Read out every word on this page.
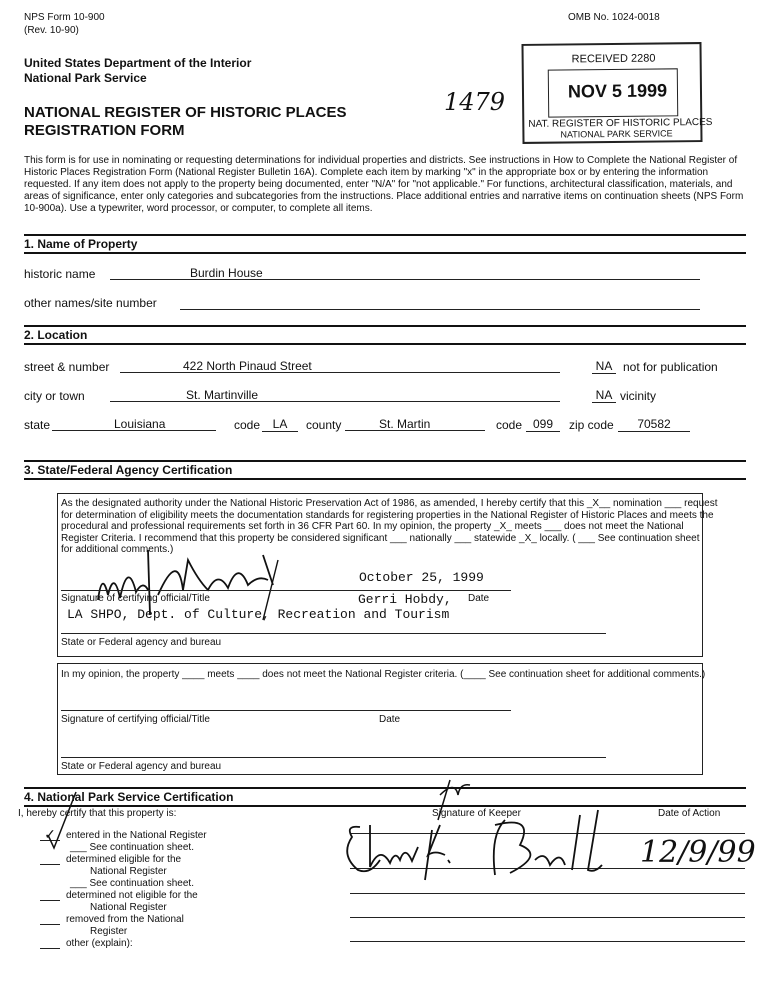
NPS Form 10-900
(Rev. 10-90)
OMB No. 1024-0018
United States Department of the Interior
National Park Service
NATIONAL REGISTER OF HISTORIC PLACES
REGISTRATION FORM
1479
RECEIVED 2280
NOV 5 1999
NAT. REGISTER OF HISTORIC PLACES
NATIONAL PARK SERVICE
This form is for use in nominating or requesting determinations for individual properties and districts. See instructions in How to Complete the National Register of Historic Places Registration Form (National Register Bulletin 16A). Complete each item by marking "x" in the appropriate box or by entering the information requested. If any item does not apply to the property being documented, enter "N/A" for "not applicable." For functions, architectural classification, materials, and areas of significance, enter only categories and subcategories from the instructions. Place additional entries and narrative items on continuation sheets (NPS Form 10-900a). Use a typewriter, word processor, or computer, to complete all items.
1. Name of Property
historic name	Burdin House
other names/site number
2. Location
street & number	422 North Pinaud Street	NA not for publication
city or town	St. Martinville	NA vicinity
state	Louisiana	code	LA	county	St. Martin	code 099	zip code	70582
3. State/Federal Agency Certification
As the designated authority under the National Historic Preservation Act of 1986, as amended, I hereby certify that this _X__ nomination ___ request
for determination of eligibility meets the documentation standards for registering properties in the National Register of Historic Places and meets the
procedural and professional requirements set forth in 36 CFR Part 60. In my opinion, the property _X_ meets ___ does not meet the National
Register Criteria. I recommend that this property be considered significant ___ nationally ___ statewide _X_ locally. ( ___ See continuation sheet
for additional comments.)
October 25, 1999
Signature of certifying official/Title	Date
Gerri Hobdy,
LA SHPO, Dept. of Culture, Recreation and Tourism
State or Federal agency and bureau
In my opinion, the property ____ meets ____ does not meet the National Register criteria. (____ See continuation sheet for additional comments.)
Signature of certifying official/Title	Date
State or Federal agency and bureau
4. National Park Service Certification
I, hereby certify that this property is:
✓	entered in the National Register
___ See continuation sheet.
determined eligible for the
National Register
___ See continuation sheet.
determined not eligible for the
National Register
removed from the National
Register
other (explain):
Signature of Keeper	Date of Action
12/9/99
